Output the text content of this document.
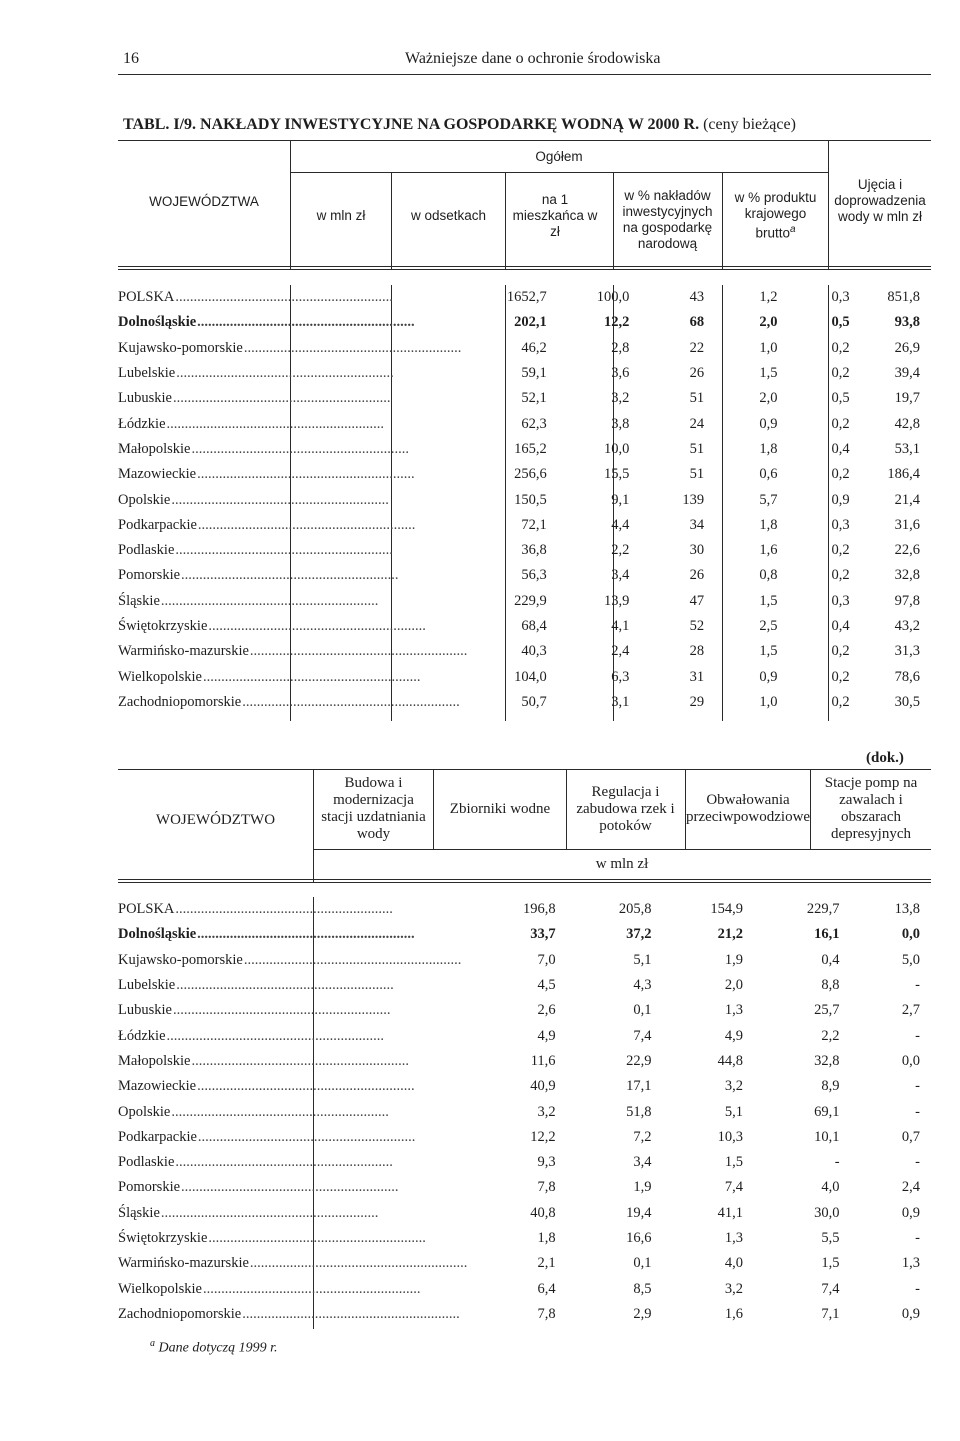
16	Ważniejsze dane o ochronie środowiska
TABL. I/9. NAKŁADY INWESTYCYJNE NA GOSPODARKĘ WODNĄ W 2000 R. (ceny bieżące)
WOJEWÓDZTWA
Ogółem
w mln zł	w odsetkach
na 1 mieszkańca w zł
w % nakładów inwestycyjnych na gospodarkę narodową
w % produktu krajowego brutto$^a$
Ujęcia i doprowadzenia wody w mln zł
POLSKA............................................................	1652,7	100,0	43	1,2	0,3	851,8
Dolnośląskie............................................................	202,1	12,2	68	2,0	0,5	93,8
Kujawsko-pomorskie............................................................	46,2	2,8	22	1,0	0,2	26,9
Lubelskie............................................................	59,1	3,6	26	1,5	0,2	39,4
Lubuskie............................................................	52,1	3,2	51	2,0	0,5	19,7
Łódzkie............................................................	62,3	3,8	24	0,9	0,2	42,8
Małopolskie............................................................	165,2	10,0	51	1,8	0,4	53,1
Mazowieckie............................................................	256,6	15,5	51	0,6	0,2	186,4
Opolskie............................................................	150,5	9,1	139	5,7	0,9	21,4
Podkarpackie............................................................	72,1	4,4	34	1,8	0,3	31,6
Podlaskie............................................................	36,8	2,2	30	1,6	0,2	22,6
Pomorskie............................................................	56,3	3,4	26	0,8	0,2	32,8
Śląskie............................................................	229,9	13,9	47	1,5	0,3	97,8
Świętokrzyskie............................................................	68,4	4,1	52	2,5	0,4	43,2
Warmińsko-mazurskie............................................................	40,3	2,4	28	1,5	0,2	31,3
Wielkopolskie............................................................	104,0	6,3	31	0,9	0,2	78,6
Zachodniopomorskie............................................................	50,7	3,1	29	1,0	0,2	30,5
(dok.)
WOJEWÓDZTWO
Budowa i modernizacja stacji uzdatniania wody
Zbiorniki wodne
Regulacja i zabudowa rzek i potoków
Obwałowania przeciwpowodziowe
Stacje pomp na zawalach i obszarach depresyjnych
w mln zł
POLSKA............................................................	196,8	205,8	154,9	229,7	13,8
Dolnośląskie............................................................	33,7	37,2	21,2	16,1	0,0
Kujawsko-pomorskie............................................................	7,0	5,1	1,9	0,4	5,0
Lubelskie............................................................	4,5	4,3	2,0	8,8	-
Lubuskie............................................................	2,6	0,1	1,3	25,7	2,7
Łódzkie............................................................	4,9	7,4	4,9	2,2	-
Małopolskie............................................................	11,6	22,9	44,8	32,8	0,0
Mazowieckie............................................................	40,9	17,1	3,2	8,9	-
Opolskie............................................................	3,2	51,8	5,1	69,1	-
Podkarpackie............................................................	12,2	7,2	10,3	10,1	0,7
Podlaskie............................................................	9,3	3,4	1,5	-	-
Pomorskie............................................................	7,8	1,9	7,4	4,0	2,4
Śląskie............................................................	40,8	19,4	41,1	30,0	0,9
Świętokrzyskie............................................................	1,8	16,6	1,3	5,5	-
Warmińsko-mazurskie............................................................	2,1	0,1	4,0	1,5	1,3
Wielkopolskie............................................................	6,4	8,5	3,2	7,4	-
Zachodniopomorskie............................................................	7,8	2,9	1,6	7,1	0,9
$^a$ Dane dotyczą 1999 r.
